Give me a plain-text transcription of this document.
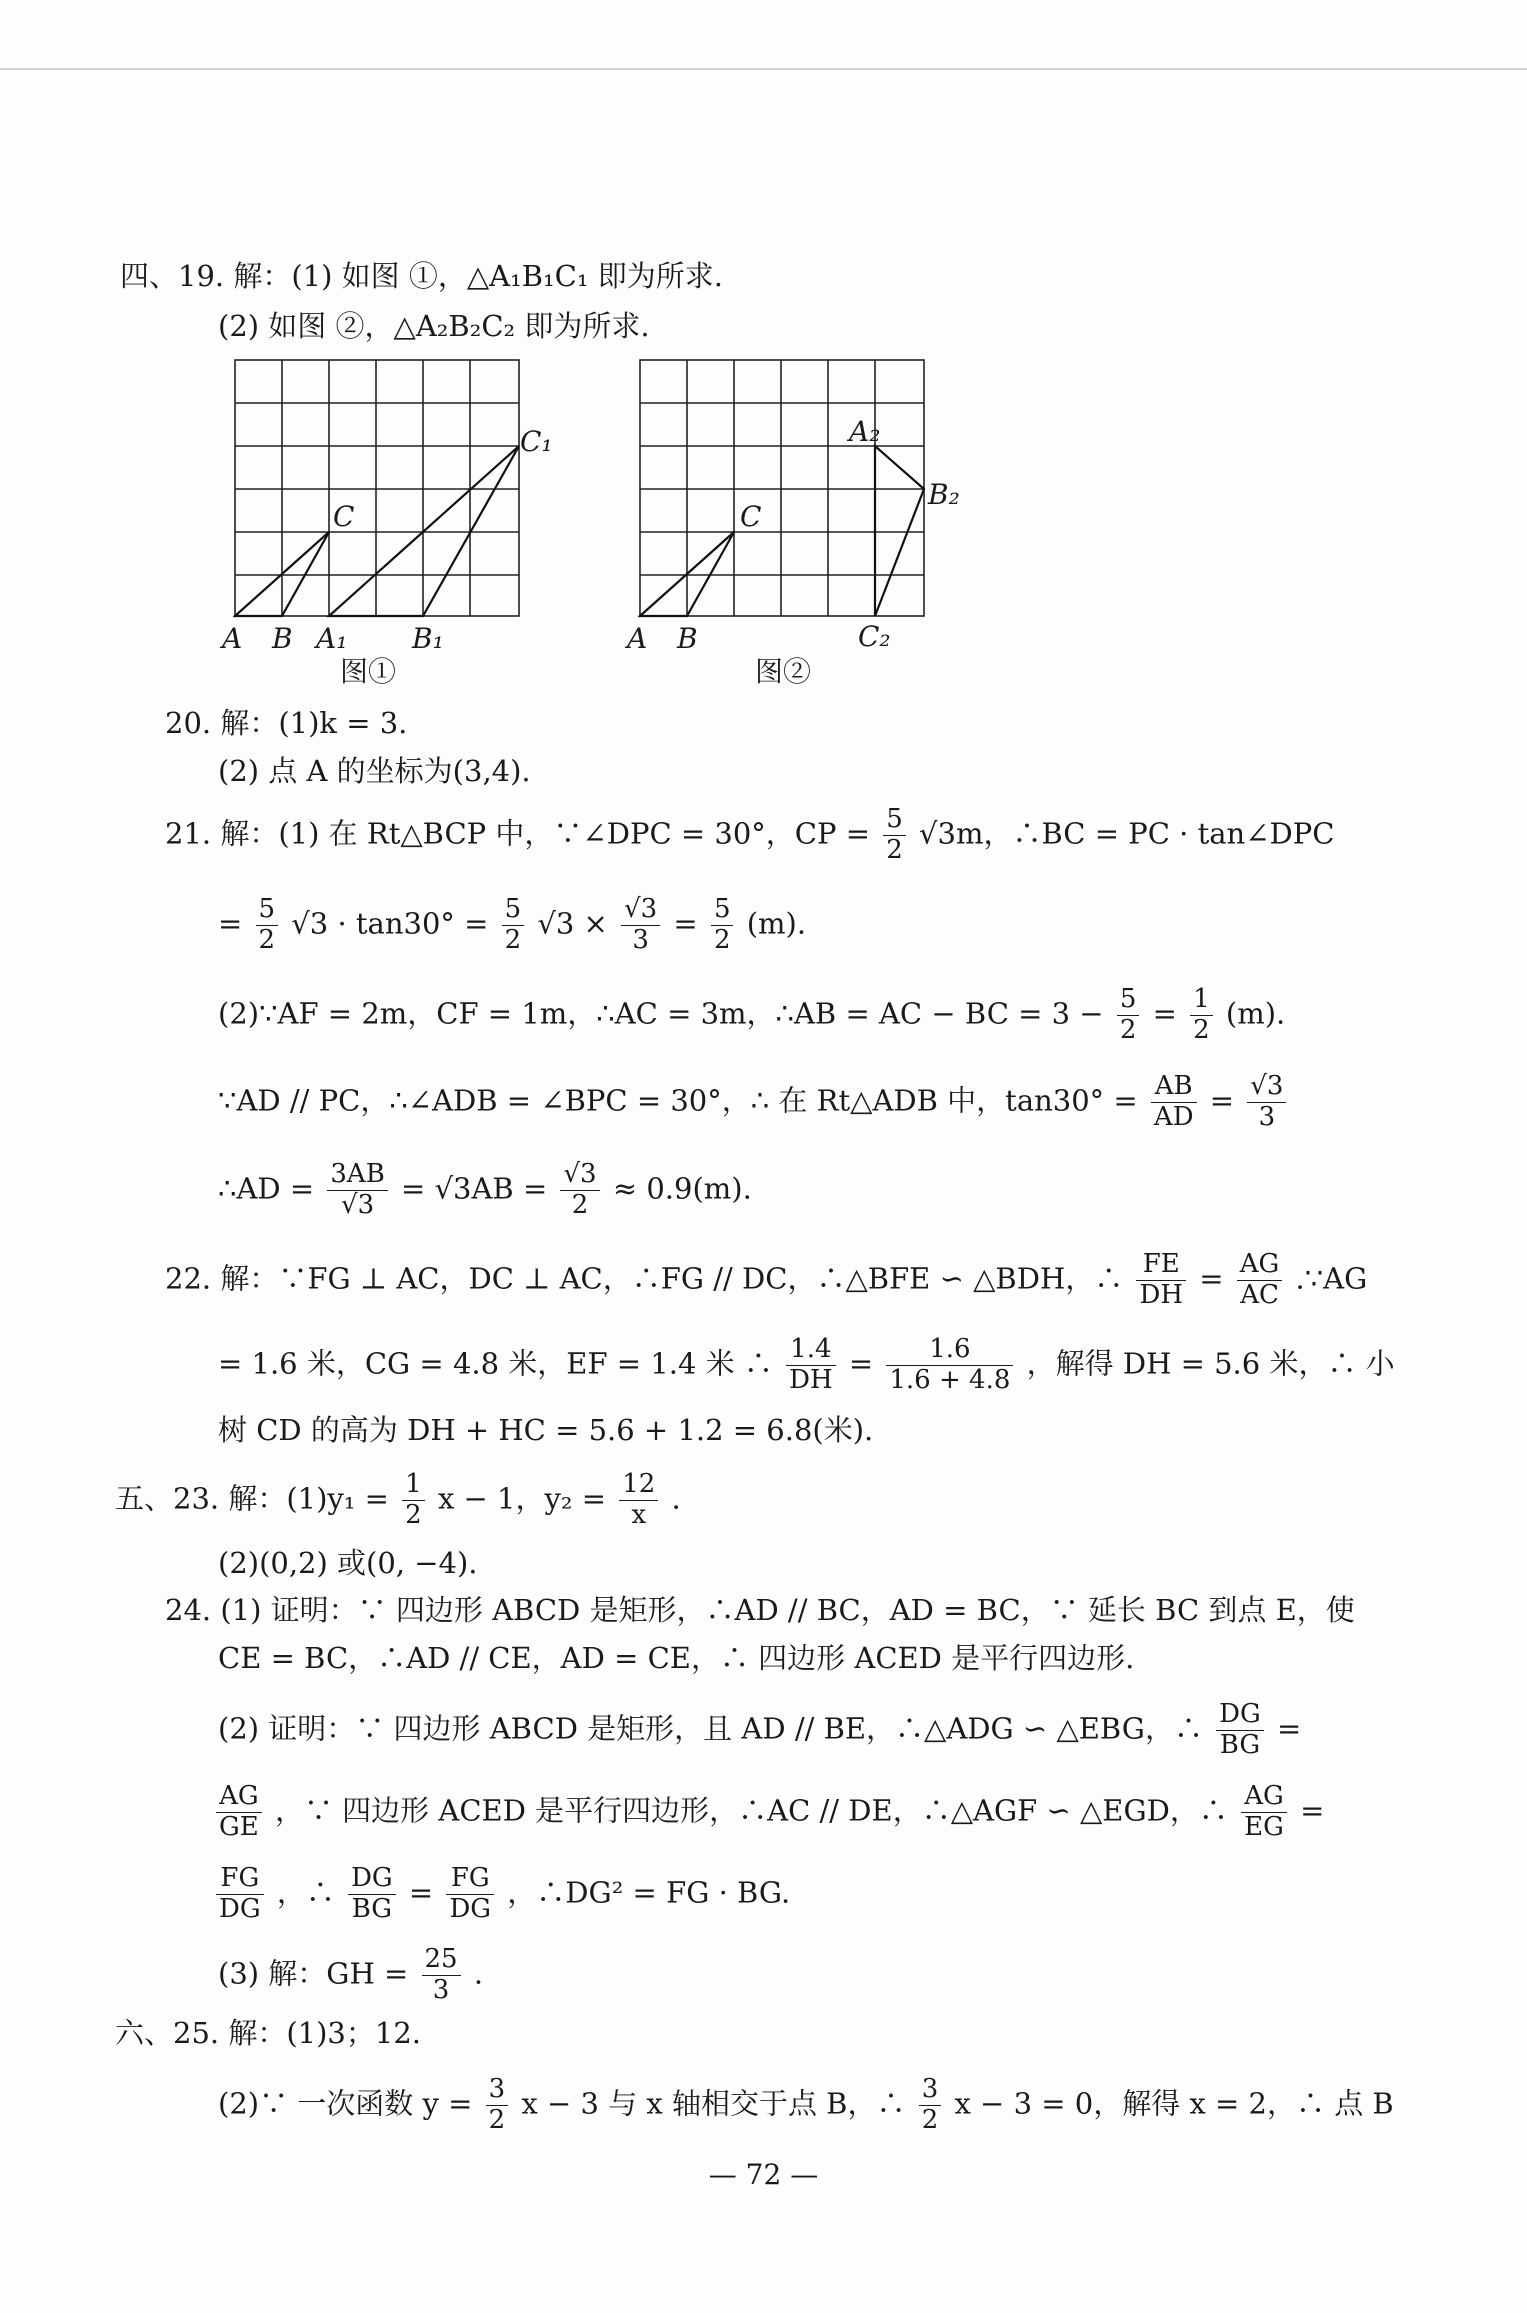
四、19. 解：(1) 如图 ①，△A₁B₁C₁ 即为所求.
(2) 如图 ②，△A₂B₂C₂ 即为所求.
A B A₁ B₁
C
C₁
图①
A B
C
A₂
B₂
C₂
图②
20. 解：(1)k = 3.
(2) 点 A 的坐标为(3,4).
21. 解：(1) 在 Rt△BCP 中，∵∠DPC = 30°，CP = $\frac{5}{2} √3m$，∴BC = PC · tan∠DPC
= $\frac{5}{2} √3 \cdot \tan 30^\circ = \frac{5}{2} √3 \times \frac{√3}{3} = \frac{5}{2} (m)$.
(2)∵AF = 2m，CF = 1m，∴AC = 3m，∴AB = AC − BC = $3 - \frac{5}{2} = \frac{1}{2} (m)$.
∵AD // PC，∴∠ADB = ∠BPC = 30°，∴ 在 Rt△ADB 中，$\tan 30^\circ = \frac{AB}{AD} = \frac{√3}{3}$
∴AD = $\frac{3AB}{√3} = √3AB = \frac{√3}{2} \approx 0.9(m)$.
22. 解：∵FG ⊥ AC，DC ⊥ AC，∴FG // DC，∴△BFE ∽ △BDH，∴ $\frac{FE}{DH} = \frac{AG}{AC}$ .∵AG
= 1.6 米，CG = 4.8 米，EF = 1.4 米 ∴ $\frac{1.4}{DH} = \frac{1.6}{1.6 + 4.8}$ ，解得 DH = 5.6 米，∴ 小
树 CD 的高为 DH + HC = 5.6 + 1.2 = 6.8(米).
五、23. 解：$(1)y_1 = \frac{1}{2}$ x − 1，$y_2 = \frac{12}{x}$ .
(2)(0,2) 或(0, −4).
24. (1) 证明：∵ 四边形 ABCD 是矩形，∴AD // BC，AD = BC，∵ 延长 BC 到点 E，使
CE = BC，∴AD // CE，AD = CE，∴ 四边形 ACED 是平行四边形.
(2) 证明：∵ 四边形 ABCD 是矩形，且 AD // BE，∴△ADG ∽ △EBG，∴ $\frac{DG}{BG}$ =
$\frac{AG}{GE}$ ，∵ 四边形 ACED 是平行四边形，∴AC // DE，∴△AGF ∽ △EGD，∴ $\frac{AG}{EG}$ =
$\frac{FG}{DG}$ ，∴ $\frac{DG}{BG} = \frac{FG}{DG}$ ，∴DG² = FG · BG.
(3) 解：GH = $\frac{25}{3}$ .
六、25. 解：(1)3；12.
(2)∵ 一次函数 $y = \frac{3}{2}$ x − 3 与 x 轴相交于点 B，∴ $\frac{3}{2}$ x − 3 = 0，解得 x = 2，∴ 点 B
— 72 —
